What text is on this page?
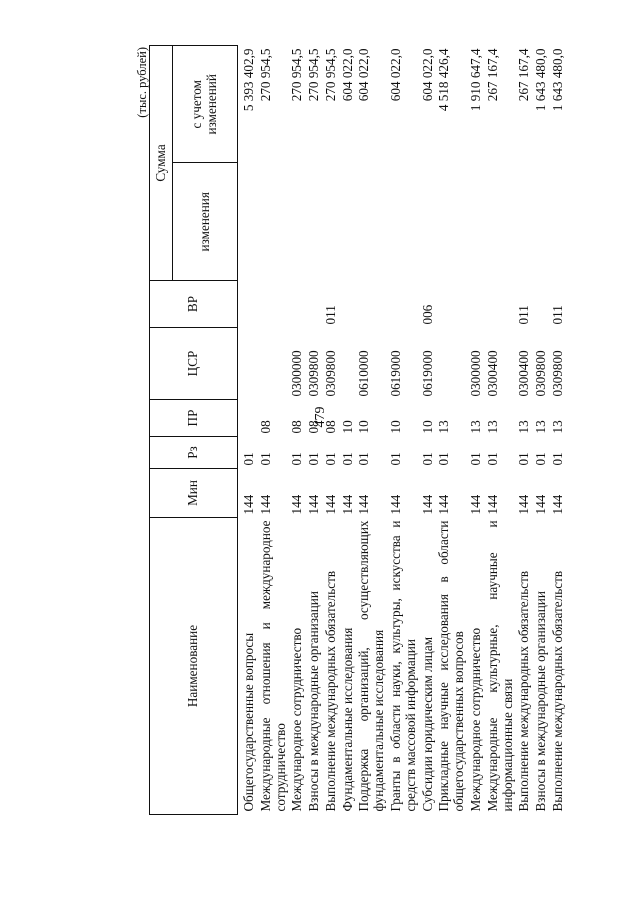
479
(тыс. рублей)
Наименование	Мин	Рз	ПР	ЦСР	ВР	Сумма	
						изменения	с учетом изменений
Общегосударственные вопросы	144	01					5 393 402,9
Международные отношения и международное сотрудничество	144	01	08				270 954,5
Международное сотрудничество	144	01	08	0300000			270 954,5
Взносы в международные организации	144	01	08	0309800			270 954,5
Выполнение международных обязательств	144	01	08	0309800	011		270 954,5
Фундаментальные исследования	144	01	10				604 022,0
Поддержка организаций, осуществляющих фундаментальные исследования	144	01	10	0610000			604 022,0
Гранты в области науки, культуры, искусства и средств массовой информации	144	01	10	0619000			604 022,0
Субсидии юридическим лицам	144	01	10	0619000	006		604 022,0
Прикладные научные исследования в области общегосударственных вопросов	144	01	13				4 518 426,4
Международное сотрудничество	144	01	13	0300000			1 910 647,4
Международные культурные, научные и информационные связи	144	01	13	0300400			267 167,4
Выполнение международных обязательств	144	01	13	0300400	011		267 167,4
Взносы в международные организации	144	01	13	0309800			1 643 480,0
Выполнение международных обязательств	144	01	13	0309800	011		1 643 480,0
